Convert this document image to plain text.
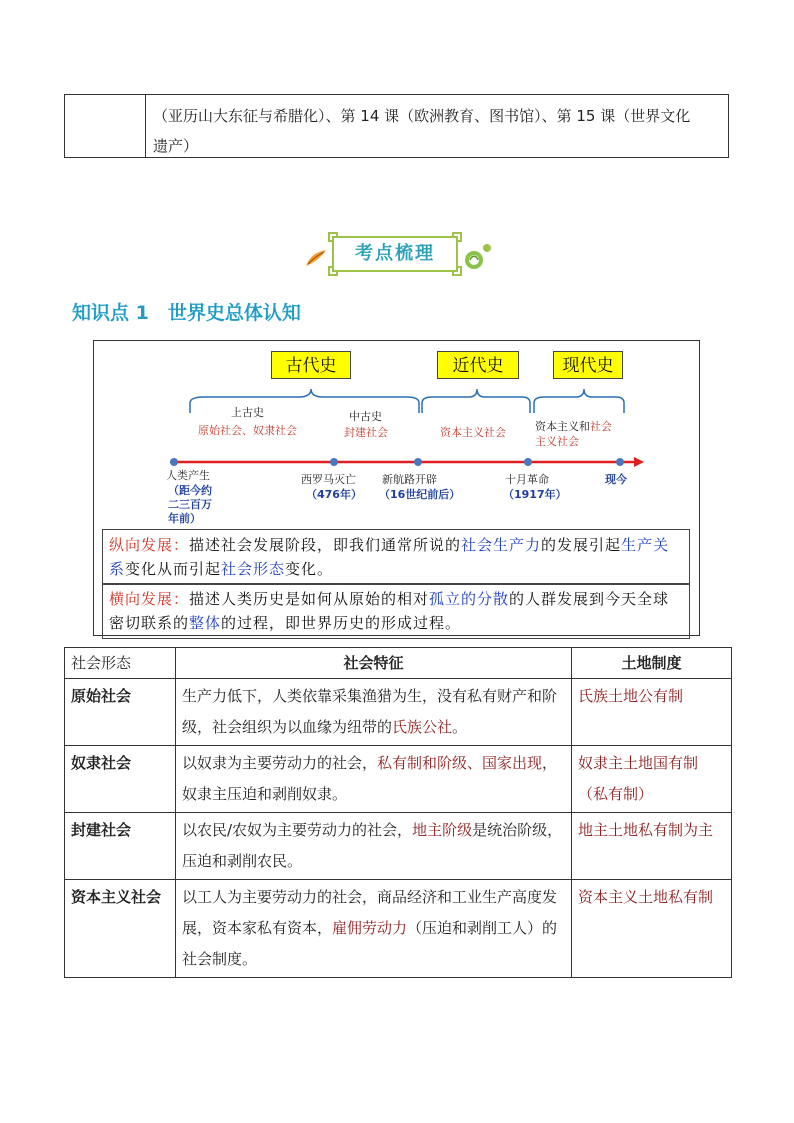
（亚历山大东征与希腊化）、第 14 课（欧洲教育、图书馆）、第 15 课（世界文化
遗产）
考点梳理
知识点 1　世界史总体认知
古代史	近代史	现代史
上古史
原始社会、奴隶社会
中古史
封建社会	资本主义社会	资本主义和社会
主义社会
人类产生
（距今约
二三百万
年前）
西罗马灭亡
（476年）
新航路开辟
（16世纪前后）
十月革命
（1917年）
现今
纵向发展：描述社会发展阶段，即我们通常所说的社会生产力的发展引起生产关系变化从而引起社会形态变化。
横向发展：描述人类历史是如何从原始的相对孤立的分散的人群发展到今天全球密切联系的整体的过程，即世界历史的形成过程。
社会形态	社会特征	土地制度
原始社会	生产力低下，人类依靠采集渔猎为生，没有私有财产和阶级，社会组织为以血缘为纽带的氏族公社。	氏族土地公有制
奴隶社会	以奴隶为主要劳动力的社会，私有制和阶级、国家出现，奴隶主压迫和剥削奴隶。	奴隶主土地国有制（私有制）
封建社会	以农民/农奴为主要劳动力的社会，地主阶级是统治阶级，压迫和剥削农民。	地主土地私有制为主
资本主义社会	以工人为主要劳动力的社会，商品经济和工业生产高度发展，资本家私有资本，雇佣劳动力（压迫和剥削工人）的社会制度。	资本主义土地私有制
